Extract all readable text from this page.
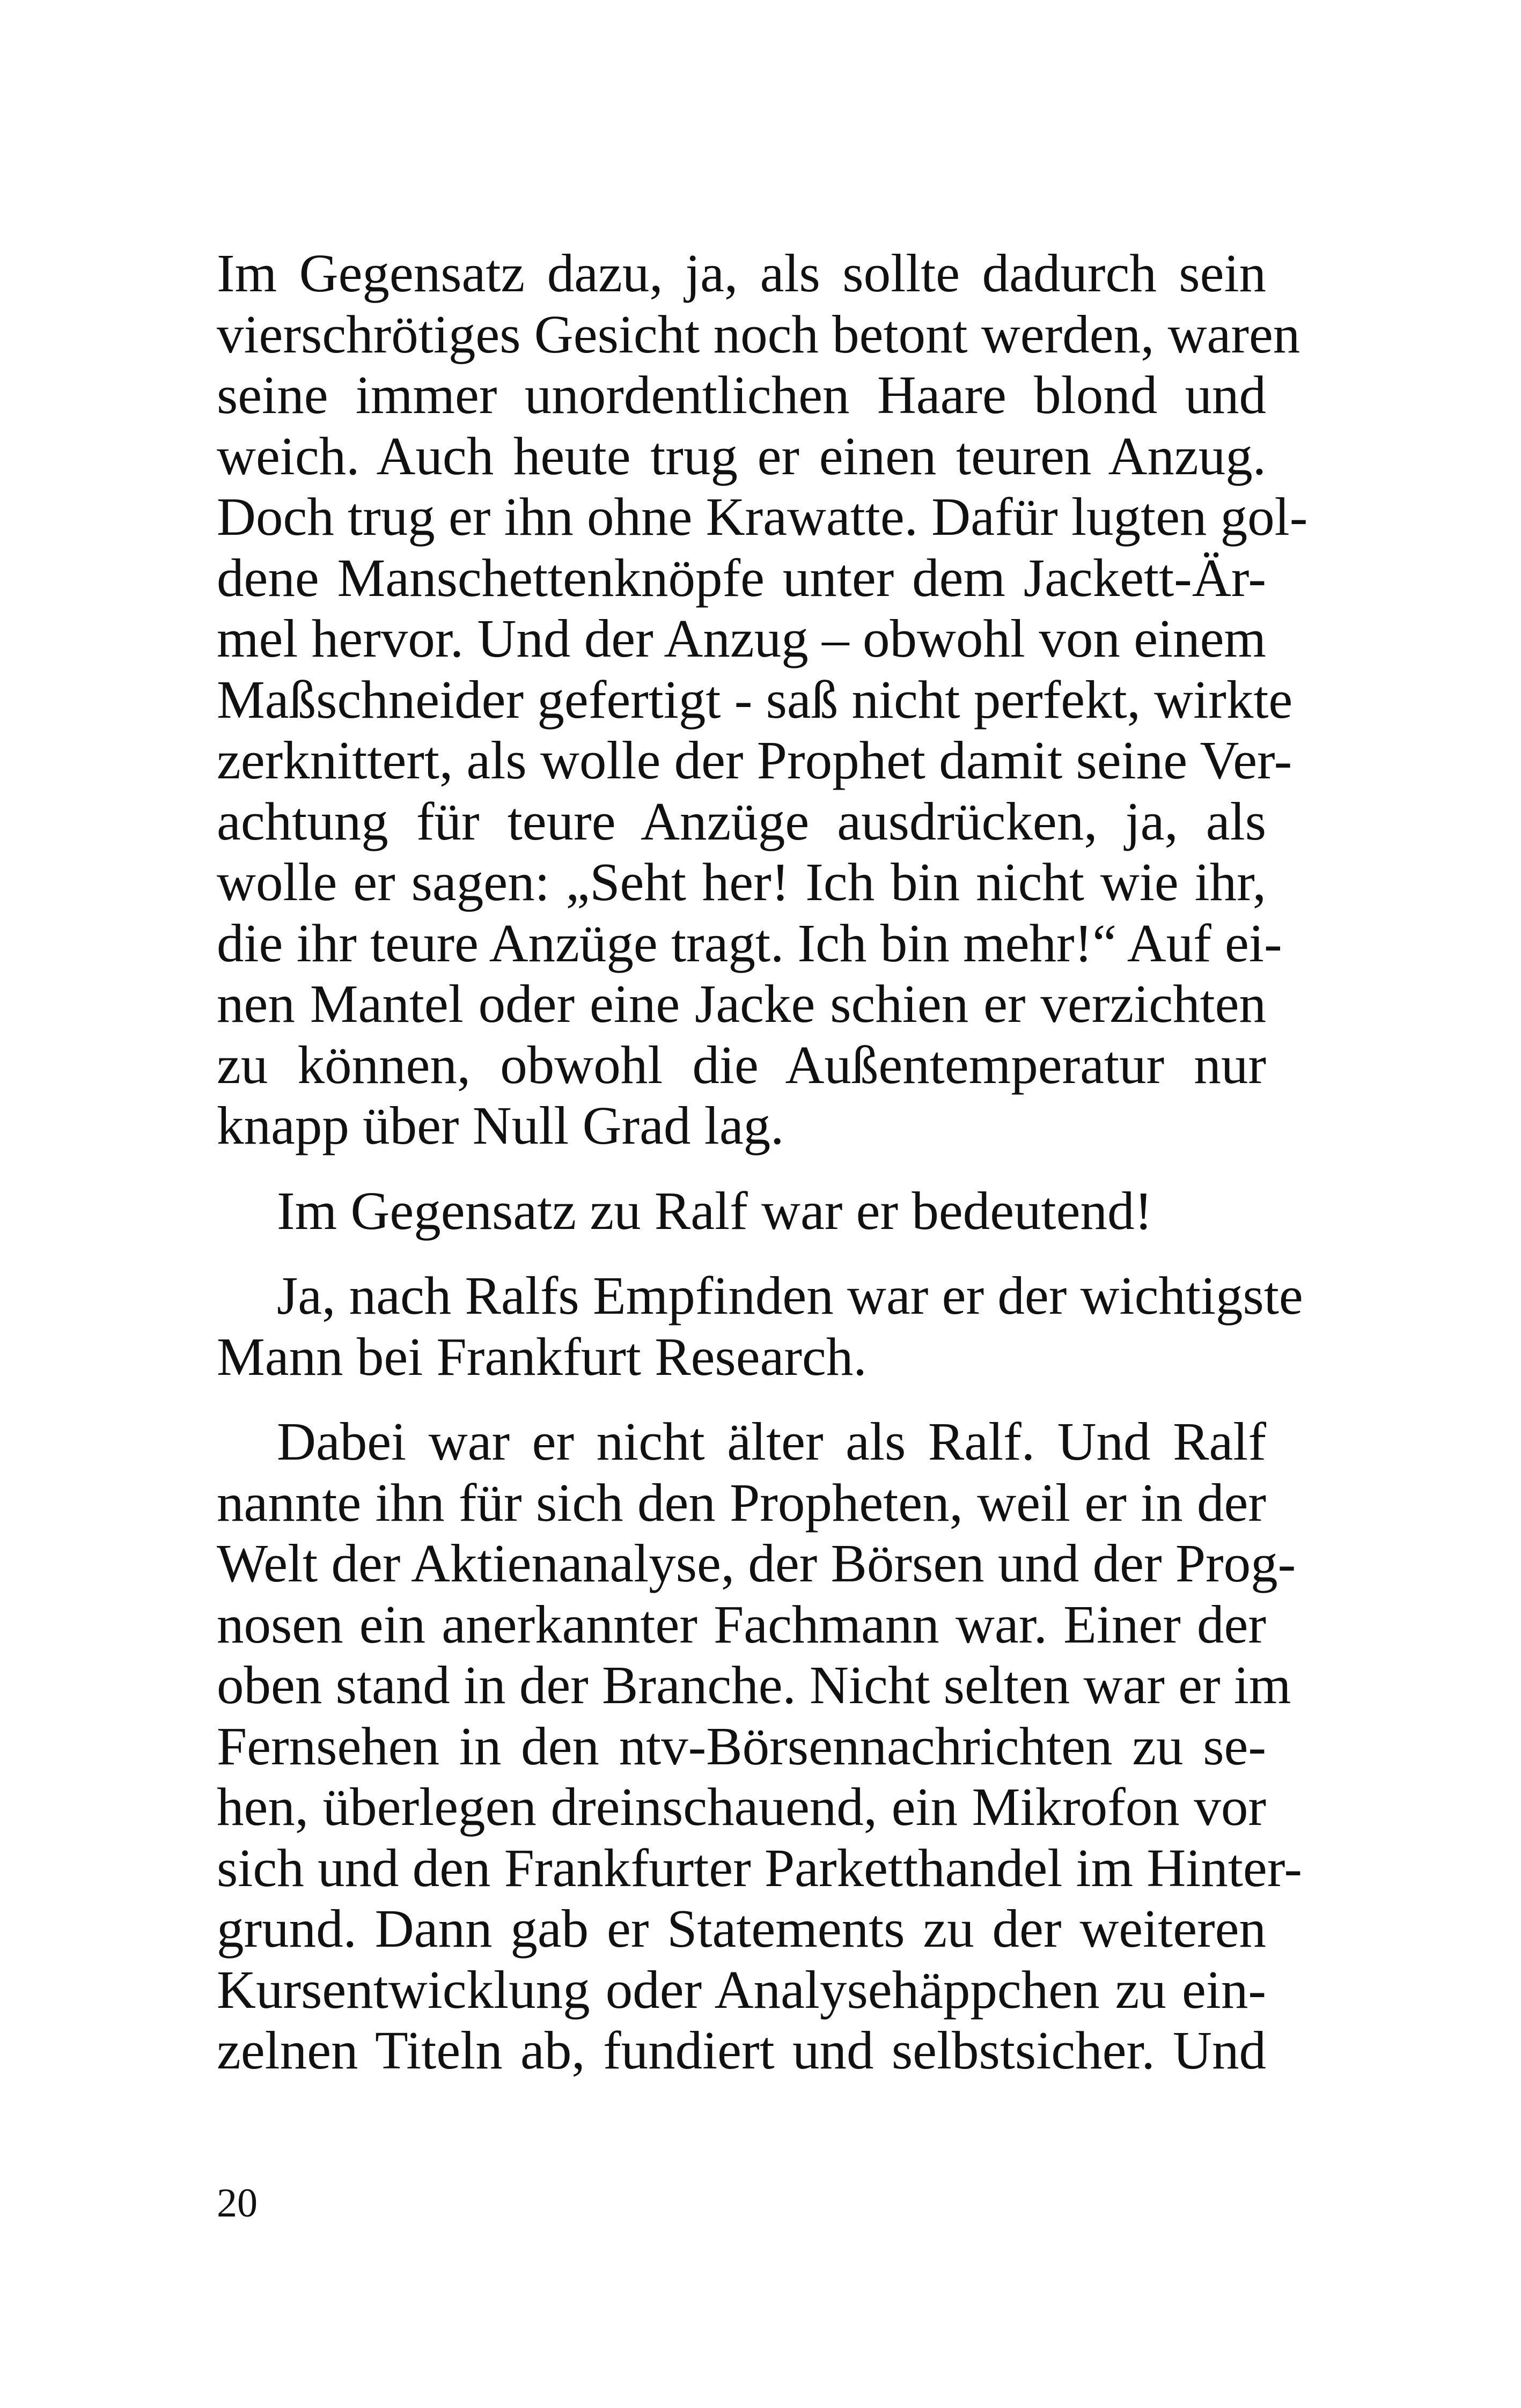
Im Gegensatz dazu, ja, als sollte dadurch sein
vierschrötiges Gesicht noch betont werden, waren
seine immer unordentlichen Haare blond und
weich. Auch heute trug er einen teuren Anzug.
Doch trug er ihn ohne Krawatte. Dafür lugten gol-
dene Manschettenknöpfe unter dem Jackett-Är-
mel hervor. Und der Anzug – obwohl von einem
Maßschneider gefertigt - saß nicht perfekt, wirkte
zerknittert, als wolle der Prophet damit seine Ver-
achtung für teure Anzüge ausdrücken, ja, als
wolle er sagen: „Seht her! Ich bin nicht wie ihr,
die ihr teure Anzüge tragt. Ich bin mehr!“ Auf ei-
nen Mantel oder eine Jacke schien er verzichten
zu können, obwohl die Außentemperatur nur
knapp über Null Grad lag.

Im Gegensatz zu Ralf war er bedeutend!

Ja, nach Ralfs Empfinden war er der wichtigste
Mann bei Frankfurt Research.

Dabei war er nicht älter als Ralf. Und Ralf
nannte ihn für sich den Propheten, weil er in der
Welt der Aktienanalyse, der Börsen und der Prog-
nosen ein anerkannter Fachmann war. Einer der
oben stand in der Branche. Nicht selten war er im
Fernsehen in den ntv-Börsennachrichten zu se-
hen, überlegen dreinschauend, ein Mikrofon vor
sich und den Frankfurter Parketthandel im Hinter-
grund. Dann gab er Statements zu der weiteren
Kursentwicklung oder Analysehäppchen zu ein-
zelnen Titeln ab, fundiert und selbstsicher. Und

20
